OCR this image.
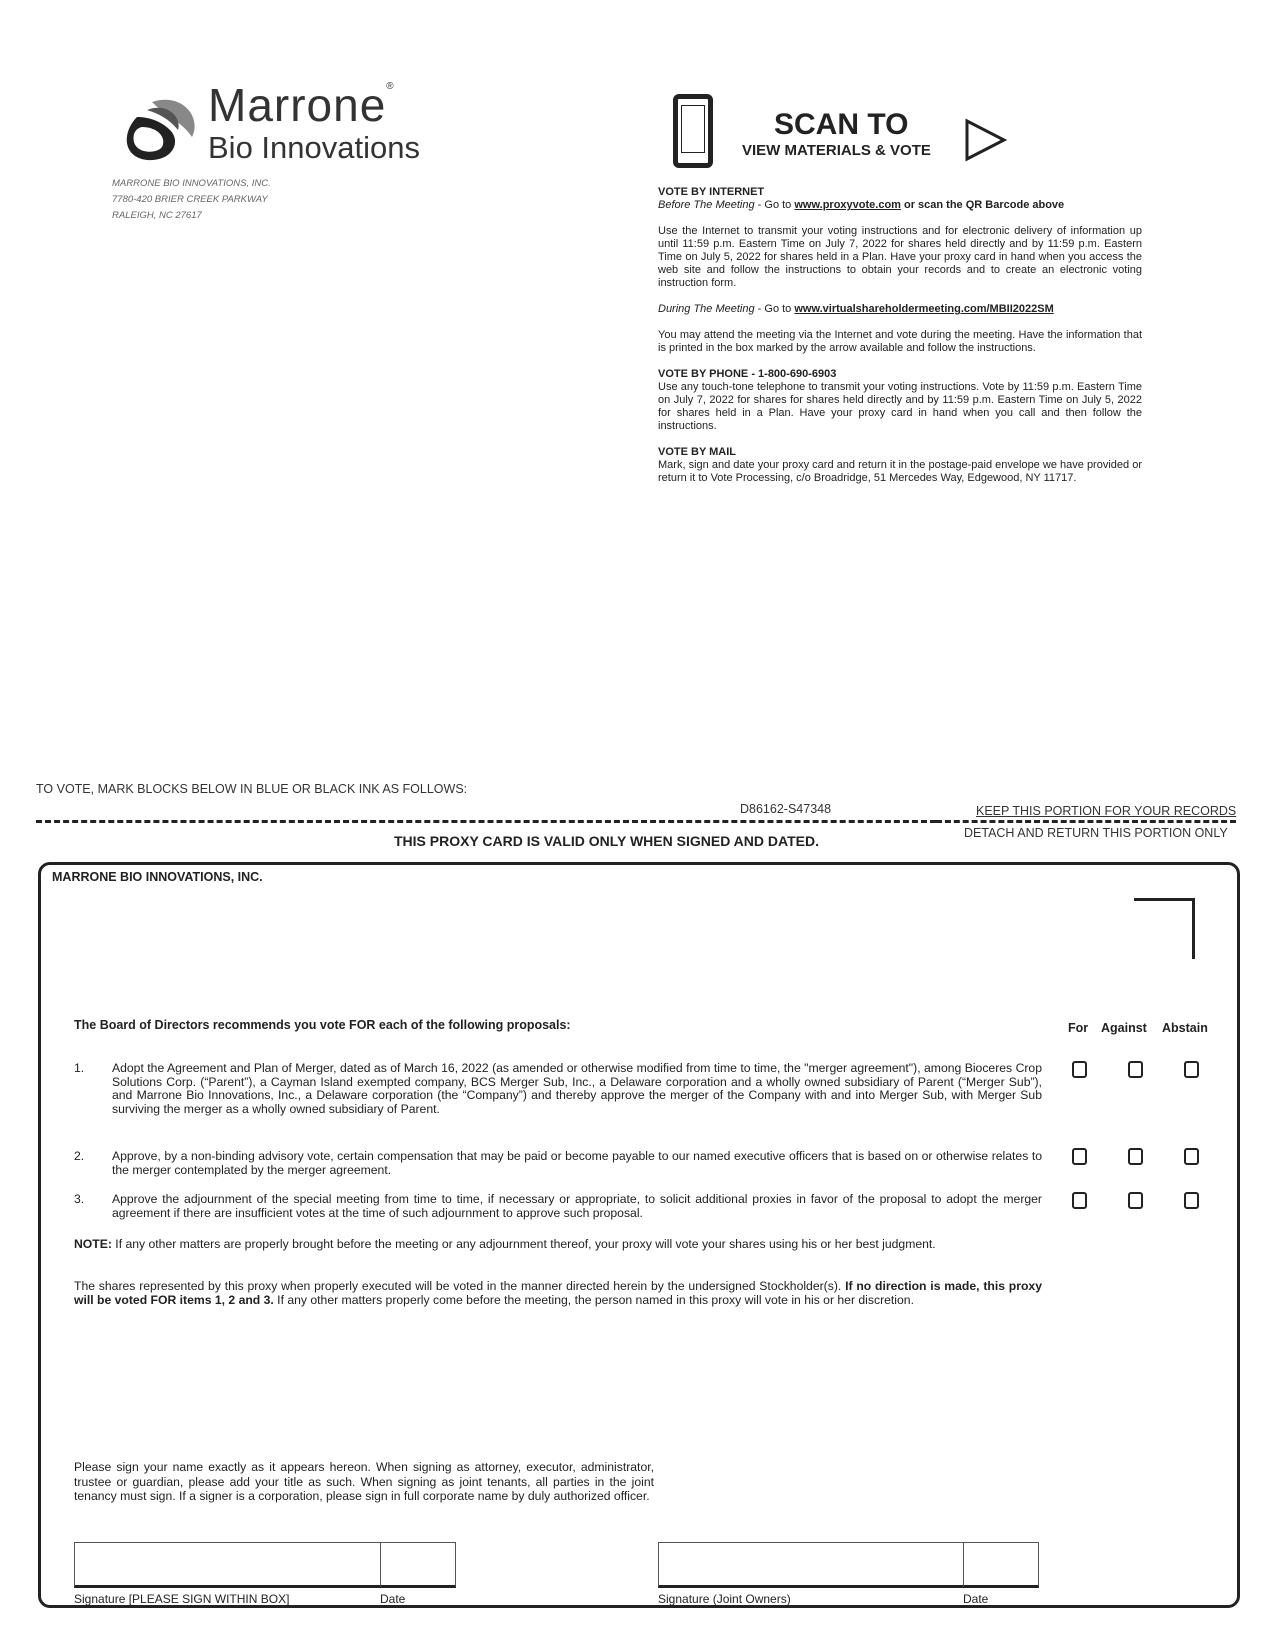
Marrone®
Bio Innovations
MARRONE BIO INNOVATIONS, INC.
7780-420 BRIER CREEK PARKWAY
RALEIGH, NC 27617
SCAN TO
VIEW MATERIALS & VOTE
VOTE BY INTERNET

Before The Meeting - Go to www.proxyvote.com or scan the QR Barcode above

Use the Internet to transmit your voting instructions and for electronic delivery of information up until 11:59 p.m. Eastern Time on July 7, 2022 for shares held directly and by 11:59 p.m. Eastern Time on July 5, 2022 for shares held in a Plan. Have your proxy card in hand when you access the web site and follow the instructions to obtain your records and to create an electronic voting instruction form.

During The Meeting - Go to www.virtualshareholdermeeting.com/MBII2022SM

You may attend the meeting via the Internet and vote during the meeting. Have the information that is printed in the box marked by the arrow available and follow the instructions.

VOTE BY PHONE - 1-800-690-6903

Use any touch-tone telephone to transmit your voting instructions. Vote by 11:59 p.m. Eastern Time on July 7, 2022 for shares for shares held directly and by 11:59 p.m. Eastern Time on July 5, 2022 for shares held in a Plan. Have your proxy card in hand when you call and then follow the instructions.

VOTE BY MAIL

Mark, sign and date your proxy card and return it in the postage-paid envelope we have provided or return it to Vote Processing, c/o Broadridge, 51 Mercedes Way, Edgewood, NY 11717.

TO VOTE, MARK BLOCKS BELOW IN BLUE OR BLACK INK AS FOLLOWS:
D86162-S47348	KEEP THIS PORTION FOR YOUR RECORDS
DETACH AND RETURN THIS PORTION ONLY
THIS PROXY CARD IS VALID ONLY WHEN SIGNED AND DATED.
MARRONE BIO INNOVATIONS, INC.
The Board of Directors recommends you vote FOR each of the following proposals:	For Against Abstain
1. Adopt the Agreement and Plan of Merger, dated as of March 16, 2022 (as amended or otherwise modified from time to time, the "merger agreement"), among Bioceres Crop Solutions Corp. (“Parent”), a Cayman Island exempted company, BCS Merger Sub, Inc., a Delaware corporation and a wholly owned subsidiary of Parent (“Merger Sub”), and Marrone Bio Innovations, Inc., a Delaware corporation (the “Company”) and thereby approve the merger of the Company with and into Merger Sub, with Merger Sub surviving the merger as a wholly owned subsidiary of Parent.
2. Approve, by a non-binding advisory vote, certain compensation that may be paid or become payable to our named executive officers that is based on or otherwise relates to the merger contemplated by the merger agreement.
3. Approve the adjournment of the special meeting from time to time, if necessary or appropriate, to solicit additional proxies in favor of the proposal to adopt the merger agreement if there are insufficient votes at the time of such adjournment to approve such proposal.
NOTE: If any other matters are properly brought before the meeting or any adjournment thereof, your proxy will vote your shares using his or her best judgment.
The shares represented by this proxy when properly executed will be voted in the manner directed herein by the undersigned Stockholder(s). If no direction is made, this proxy will be voted FOR items 1, 2 and 3. If any other matters properly come before the meeting, the person named in this proxy will vote in his or her discretion.
Please sign your name exactly as it appears hereon. When signing as attorney, executor, administrator, trustee or guardian, please add your title as such. When signing as joint tenants, all parties in the joint tenancy must sign. If a signer is a corporation, please sign in full corporate name by duly authorized officer.
Signature [PLEASE SIGN WITHIN BOX]	Date	Signature (Joint Owners)	Date
